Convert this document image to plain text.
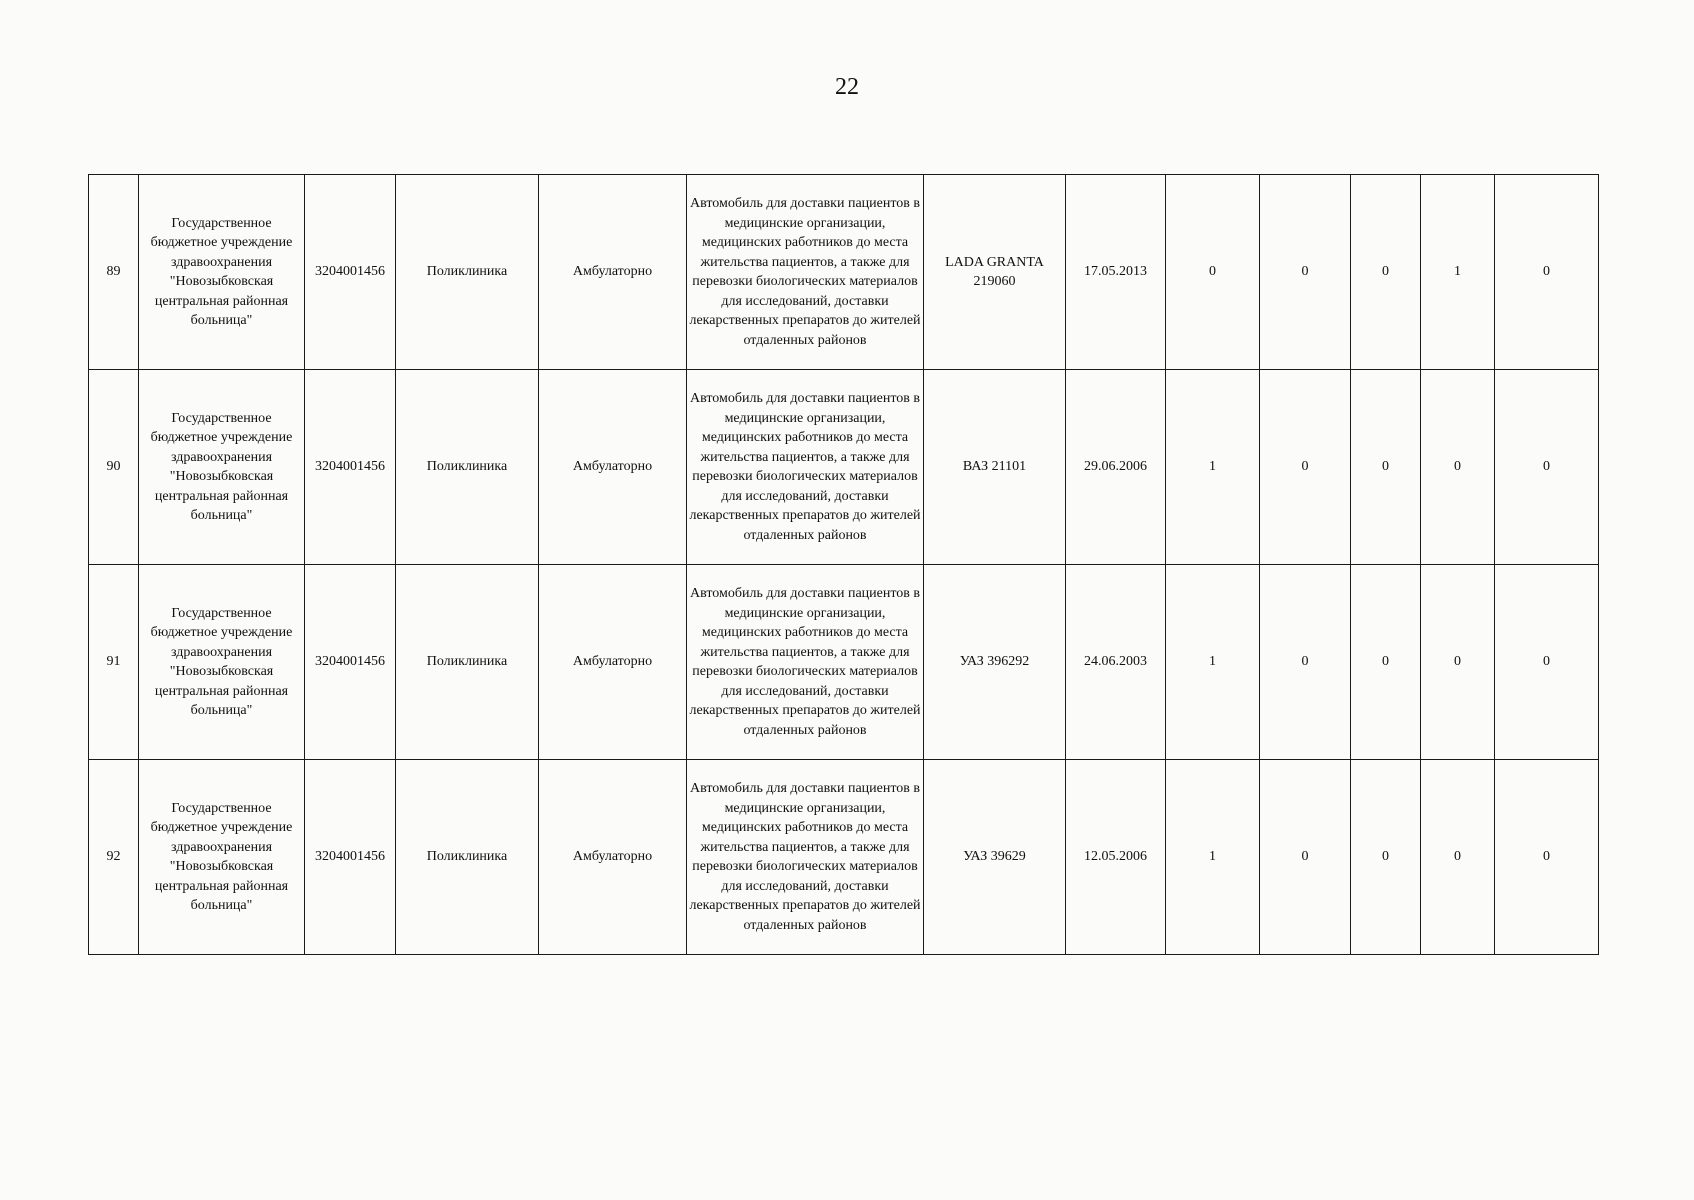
22
89	Государственное бюджетное учреждение здравоохранения "Новозыбковская центральная районная больница"	3204001456	Поликлиника	Амбулаторно	Автомобиль для доставки пациентов в медицинские организации, медицинских работников до места жительства пациентов, а также для перевозки биологических материалов для исследований, доставки лекарственных препаратов до жителей отдаленных районов	LADA GRANTA 219060	17.05.2013	0	0	0	1	0
90	Государственное бюджетное учреждение здравоохранения "Новозыбковская центральная районная больница"	3204001456	Поликлиника	Амбулаторно	Автомобиль для доставки пациентов в медицинские организации, медицинских работников до места жительства пациентов, а также для перевозки биологических материалов для исследований, доставки лекарственных препаратов до жителей отдаленных районов	ВАЗ 21101	29.06.2006	1	0	0	0	0
91	Государственное бюджетное учреждение здравоохранения "Новозыбковская центральная районная больница"	3204001456	Поликлиника	Амбулаторно	Автомобиль для доставки пациентов в медицинские организации, медицинских работников до места жительства пациентов, а также для перевозки биологических материалов для исследований, доставки лекарственных препаратов до жителей отдаленных районов	УАЗ 396292	24.06.2003	1	0	0	0	0
92	Государственное бюджетное учреждение здравоохранения "Новозыбковская центральная районная больница"	3204001456	Поликлиника	Амбулаторно	Автомобиль для доставки пациентов в медицинские организации, медицинских работников до места жительства пациентов, а также для перевозки биологических материалов для исследований, доставки лекарственных препаратов до жителей отдаленных районов	УАЗ 39629	12.05.2006	1	0	0	0	0
